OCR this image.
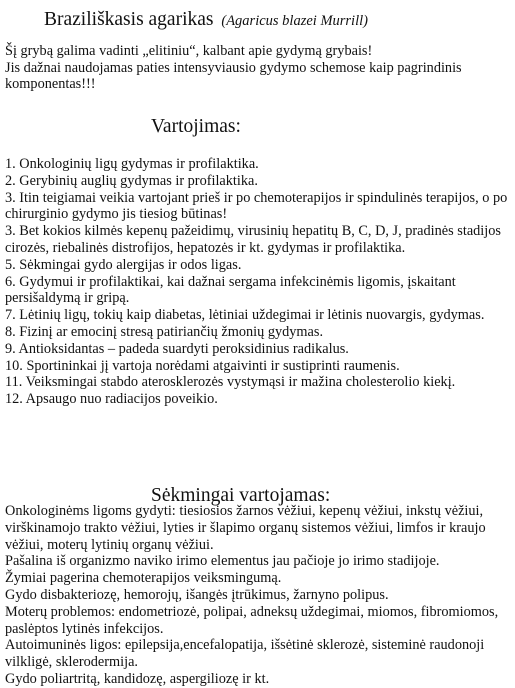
Braziliškasis agarikas (Agaricus blazei Murrill)
Šį grybą galima vadinti „elitiniu“, kalbant apie gydymą grybais!
Jis dažnai naudojamas paties intensyviausio gydymo schemose kaip pagrindinis komponentas!!!
Vartojimas:
1. Onkologinių ligų gydymas ir profilaktika.
2. Gerybinių auglių gydymas ir profilaktika.
3. Itin teigiamai veikia vartojant prieš ir po chemoterapijos ir spindulinės terapijos, o po chirurginio gydymo jis tiesiog būtinas!
3. Bet kokios kilmės kepenų pažeidimų, virusinių hepatitų B, C, D, J, pradinės stadijos cirozės, riebalinės distrofijos, hepatozės ir kt. gydymas ir profilaktika.
5. Sėkmingai gydo alergijas ir odos ligas.
6. Gydymui ir profilaktikai, kai dažnai sergama infekcinėmis ligomis, įskaitant persišaldymą ir gripą.
7. Lėtinių ligų, tokių kaip diabetas, lėtiniai uždegimai ir lėtinis nuovargis, gydymas.
8. Fizinį ar emocinį stresą patiriančių žmonių gydymas.
9. Antioksidantas – padeda suardyti peroksidinius radikalus.
10. Sportininkai jį vartoja norėdami atgaivinti ir sustiprinti raumenis.
11. Veiksmingai stabdo aterosklerozės vystymąsi ir mažina cholesterolio kiekį.
12. Apsaugo nuo radiacijos poveikio.
Sėkmingai vartojamas:

Onkologinėms ligoms gydyti: tiesiosios žarnos vėžiui, kepenų vėžiui, inkstų vėžiui, virškinamojo trakto vėžiui, lyties ir šlapimo organų sistemos vėžiui, limfos ir kraujo vėžiui, moterų lytinių organų vėžiui.

Pašalina iš organizmo naviko irimo elementus jau pačioje jo irimo stadijoje.

Žymiai pagerina chemoterapijos veiksmingumą.

Gydo disbakteriozę, hemorojų, išangės įtrūkimus, žarnyno polipus.

Moterų problemos: endometriozė, polipai, adneksų uždegimai, miomos, fibromiomos, paslėptos lytinės infekcijos.

Autoimuninės ligos: epilepsija,encefalopatija, išsėtinė sklerozė, sisteminė raudonoji vilkligė, sklerodermija.

Gydo poliartritą, kandidozę, aspergiliozę ir kt.
